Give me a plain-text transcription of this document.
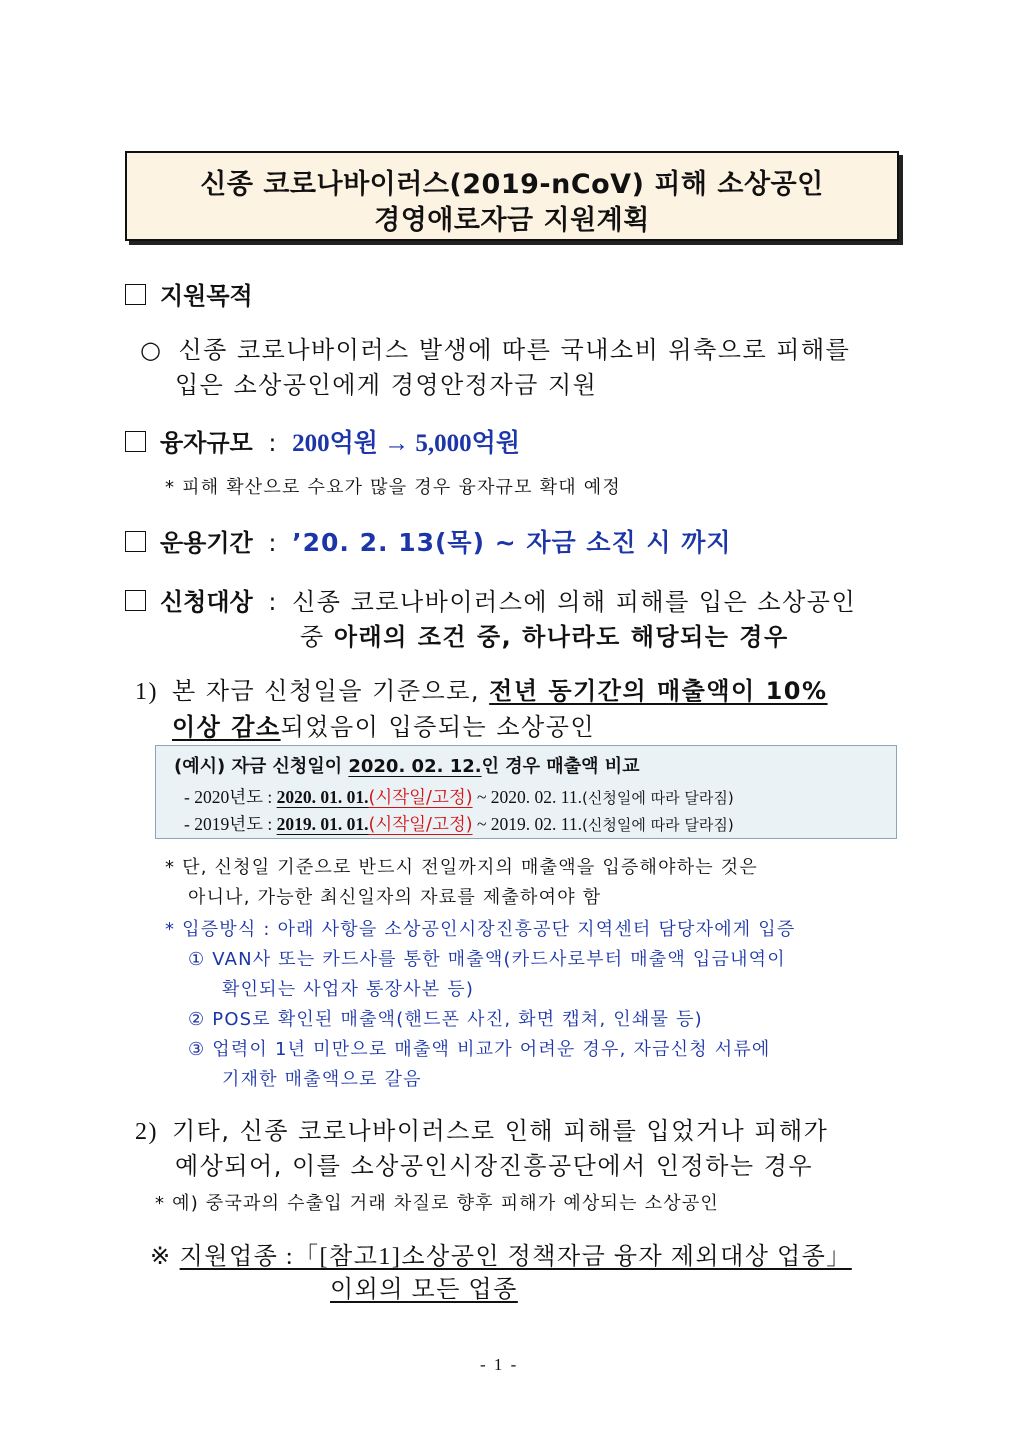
신종 코로나바이러스(2019-nCoV) 피해 소상공인
경영애로자금 지원계획
지원목적
○ 신종 코로나바이러스 발생에 따른 국내소비 위축으로 피해를
입은 소상공인에게 경영안정자금 지원
융자규모 : 200억원 → 5,000억원
* 피해 확산으로 수요가 많을 경우 융자규모 확대 예정
운용기간 : ’20. 2. 13(목) ~ 자금 소진 시 까지
신청대상 : 신종 코로나바이러스에 의해 피해를 입은 소상공인
중 아래의 조건 중, 하나라도 해당되는 경우
1) 본 자금 신청일을 기준으로, 전년 동기간의 매출액이 10%
이상 감소되었음이 입증되는 소상공인
(예시) 자금 신청일이 2020. 02. 12.인 경우 매출액 비교
- 2020년도 : 2020. 01. 01.(시작일/고정) ~ 2020. 02. 11.(신청일에 따라 달라짐)
- 2019년도 : 2019. 01. 01.(시작일/고정) ~ 2019. 02. 11.(신청일에 따라 달라짐)
* 단, 신청일 기준으로 반드시 전일까지의 매출액을 입증해야하는 것은
아니나, 가능한 최신일자의 자료를 제출하여야 함
* 입증방식 : 아래 사항을 소상공인시장진흥공단 지역센터 담당자에게 입증
① VAN사 또는 카드사를 통한 매출액(카드사로부터 매출액 입금내역이
확인되는 사업자 통장사본 등)
② POS로 확인된 매출액(핸드폰 사진, 화면 캡쳐, 인쇄물 등)
③ 업력이 1년 미만으로 매출액 비교가 어려운 경우, 자금신청 서류에
기재한 매출액으로 갈음
2) 기타, 신종 코로나바이러스로 인해 피해를 입었거나 피해가
예상되어, 이를 소상공인시장진흥공단에서 인정하는 경우
* 예) 중국과의 수출입 거래 차질로 향후 피해가 예상되는 소상공인
※ 지원업종 :「[참고1]소상공인 정책자금 융자 제외대상 업종」
이외의 모든 업종
- 1 -
